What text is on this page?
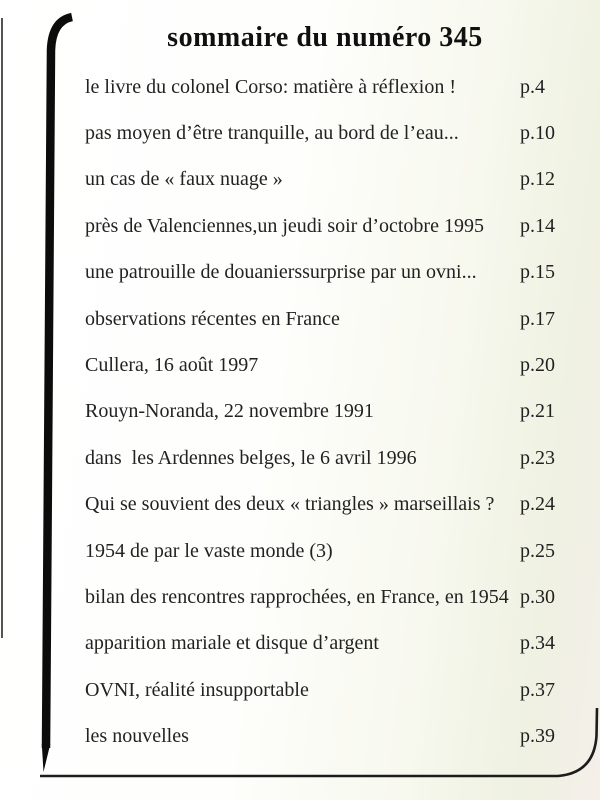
sommaire du numéro 345
le livre du colonel Corso: matière à réflexion !	p.4
pas moyen d’être tranquille, au bord de l’eau...	p.10
un cas de « faux nuage »	p.12
près de Valenciennes,un jeudi soir d’octobre 1995	p.14
une patrouille de douanierssurprise par un ovni...	p.15
observations récentes en France	p.17
Cullera, 16 août 1997	p.20
Rouyn-Noranda, 22 novembre 1991	p.21
dans  les Ardennes belges, le 6 avril 1996	p.23
Qui se souvient des deux « triangles » marseillais ?	p.24
1954 de par le vaste monde (3)	p.25
bilan des rencontres rapprochées, en France, en 1954 p.30
apparition mariale et disque d’argent	p.34
OVNI, réalité insupportable	p.37
les nouvelles	p.39
